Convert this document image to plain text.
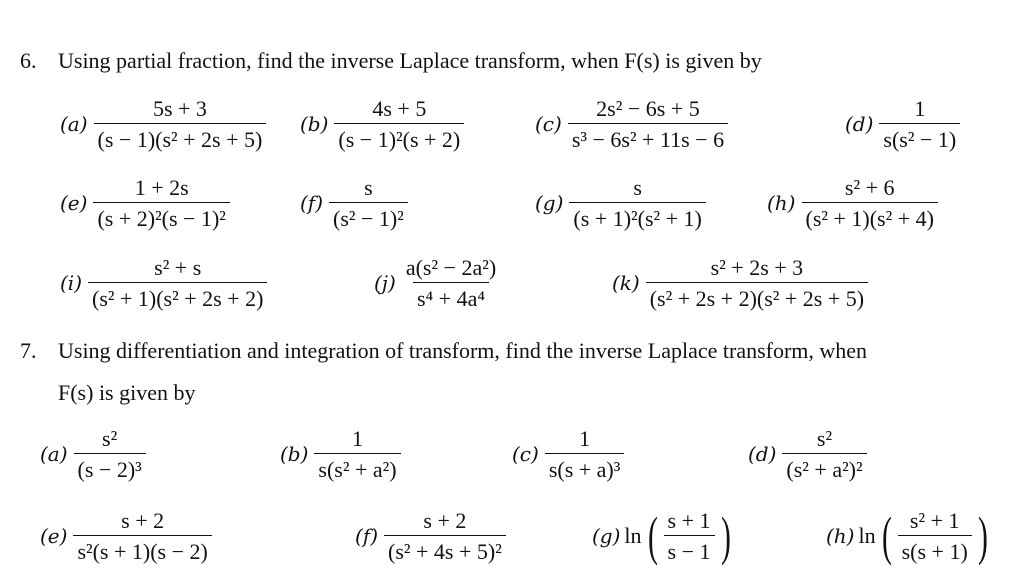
6. Using partial fraction, find the inverse Laplace transform, when F(s) is given by
$(a) \frac{5s + 3}{\text{(s − 1)(s² + 2s + 5)}} (b) \frac{4s + 5}{\text{(s − 1)²(s + 2)}}$	$(c) \frac{\text{2s² − 6s + 5}}{\text{s³ − 6s² + 11s − 6}}$	$(d) \frac{1}{\text{s(s² − 1)}}$
$(e) \frac{1 + 2s}{\text{(s + 2)²(s − 1)²}}$	$(f) \frac{s}{\text{(s² − 1)²}}$	$(g) \frac{s}{\text{(s + 1)²(s² + 1)}}$	$(h) \frac{\text{s² + 6}}{\text{(s² + 1)(s² + 4)}}$
$(i) \frac{\text{s² + s}}{\text{(s² + 1)(s² + 2s + 2)}}$	$(j) \frac{\text{a(s² − 2a²)}}{\text{s⁴ + 4a⁴}}$	$(k) \frac{\text{s² + 2s + 3}}{\text{(s² + 2s + 2)(s² + 2s + 5)}}$
7. Using differentiation and integration of transform, find the inverse Laplace transform, when
F(s) is given by
$(a) \frac{\text{s²}}{\text{(s − 2)³}}$	$(b) \frac{1}{\text{s(s² + a²)}}$	$(c) \frac{1}{\text{s(s + a)³}}$	$(d) \frac{\text{s²}}{\text{(s² + a²)²}}$
$(e) \frac{s + 2}{\text{s²(s + 1)(s − 2)}}$	$(f) \frac{s + 2}{\text{(s² + 4s + 5)²}}$	(g) ln ( $\frac{s + 1}{s - 1}$ )	(h) ln ( $\frac{\text{s² + 1}}{s(s + 1)}$ )
